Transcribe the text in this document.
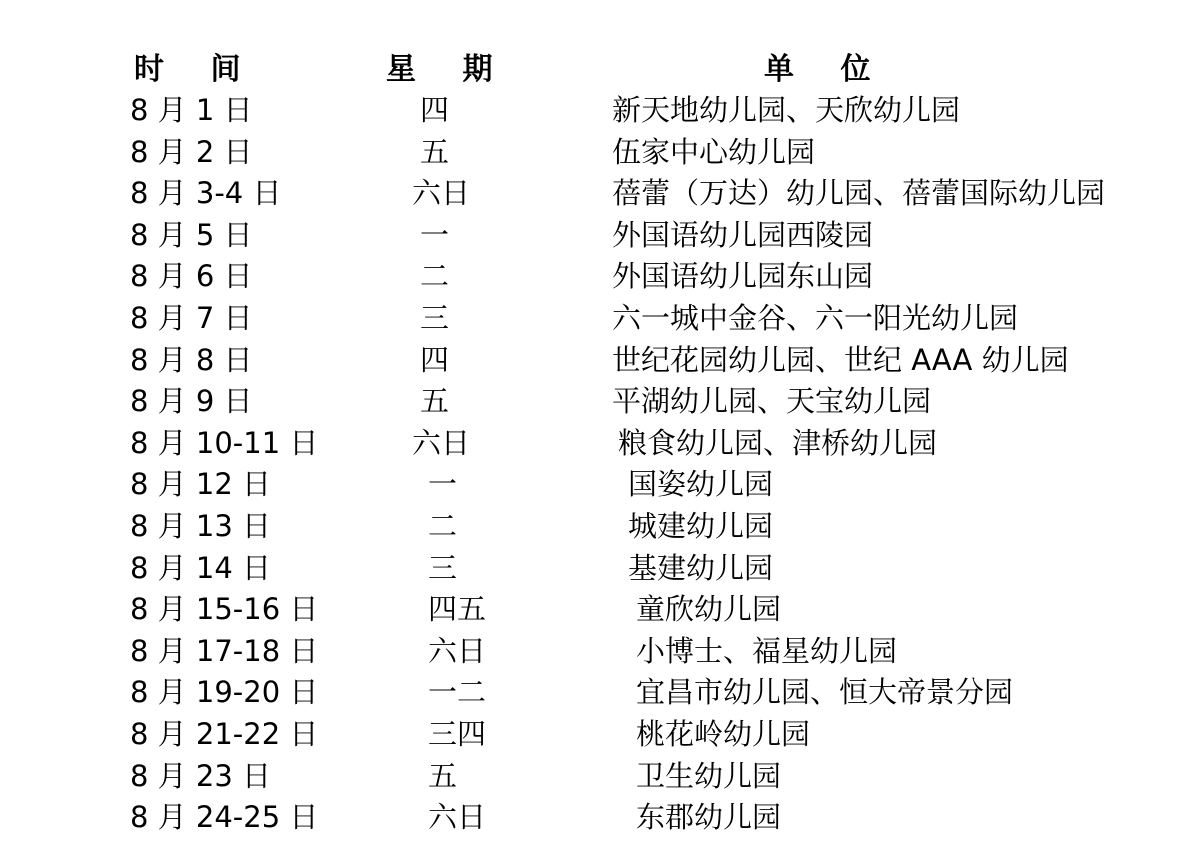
时 间	星 期	单 位
8 月 1 日	四	新天地幼儿园、天欣幼儿园
8 月 2 日	五	伍家中心幼儿园
8 月 3-4 日	六日	蓓蕾（万达）幼儿园、蓓蕾国际幼儿园
8 月 5 日	一	外国语幼儿园西陵园
8 月 6 日	二	外国语幼儿园东山园
8 月 7 日	三	六一城中金谷、六一阳光幼儿园
8 月 8 日	四	世纪花园幼儿园、世纪 AAA 幼儿园
8 月 9 日	五	平湖幼儿园、天宝幼儿园
8 月 10-11 日	六日	粮食幼儿园、津桥幼儿园
8 月 12 日	一	国姿幼儿园
8 月 13 日	二	城建幼儿园
8 月 14 日	三	基建幼儿园
8 月 15-16 日	四五	童欣幼儿园
8 月 17-18 日	六日	小博士、福星幼儿园
8 月 19-20 日	一二	宜昌市幼儿园、恒大帝景分园
8 月 21-22 日	三四	桃花岭幼儿园
8 月 23 日	五	卫生幼儿园
8 月 24-25 日	六日	东郡幼儿园
